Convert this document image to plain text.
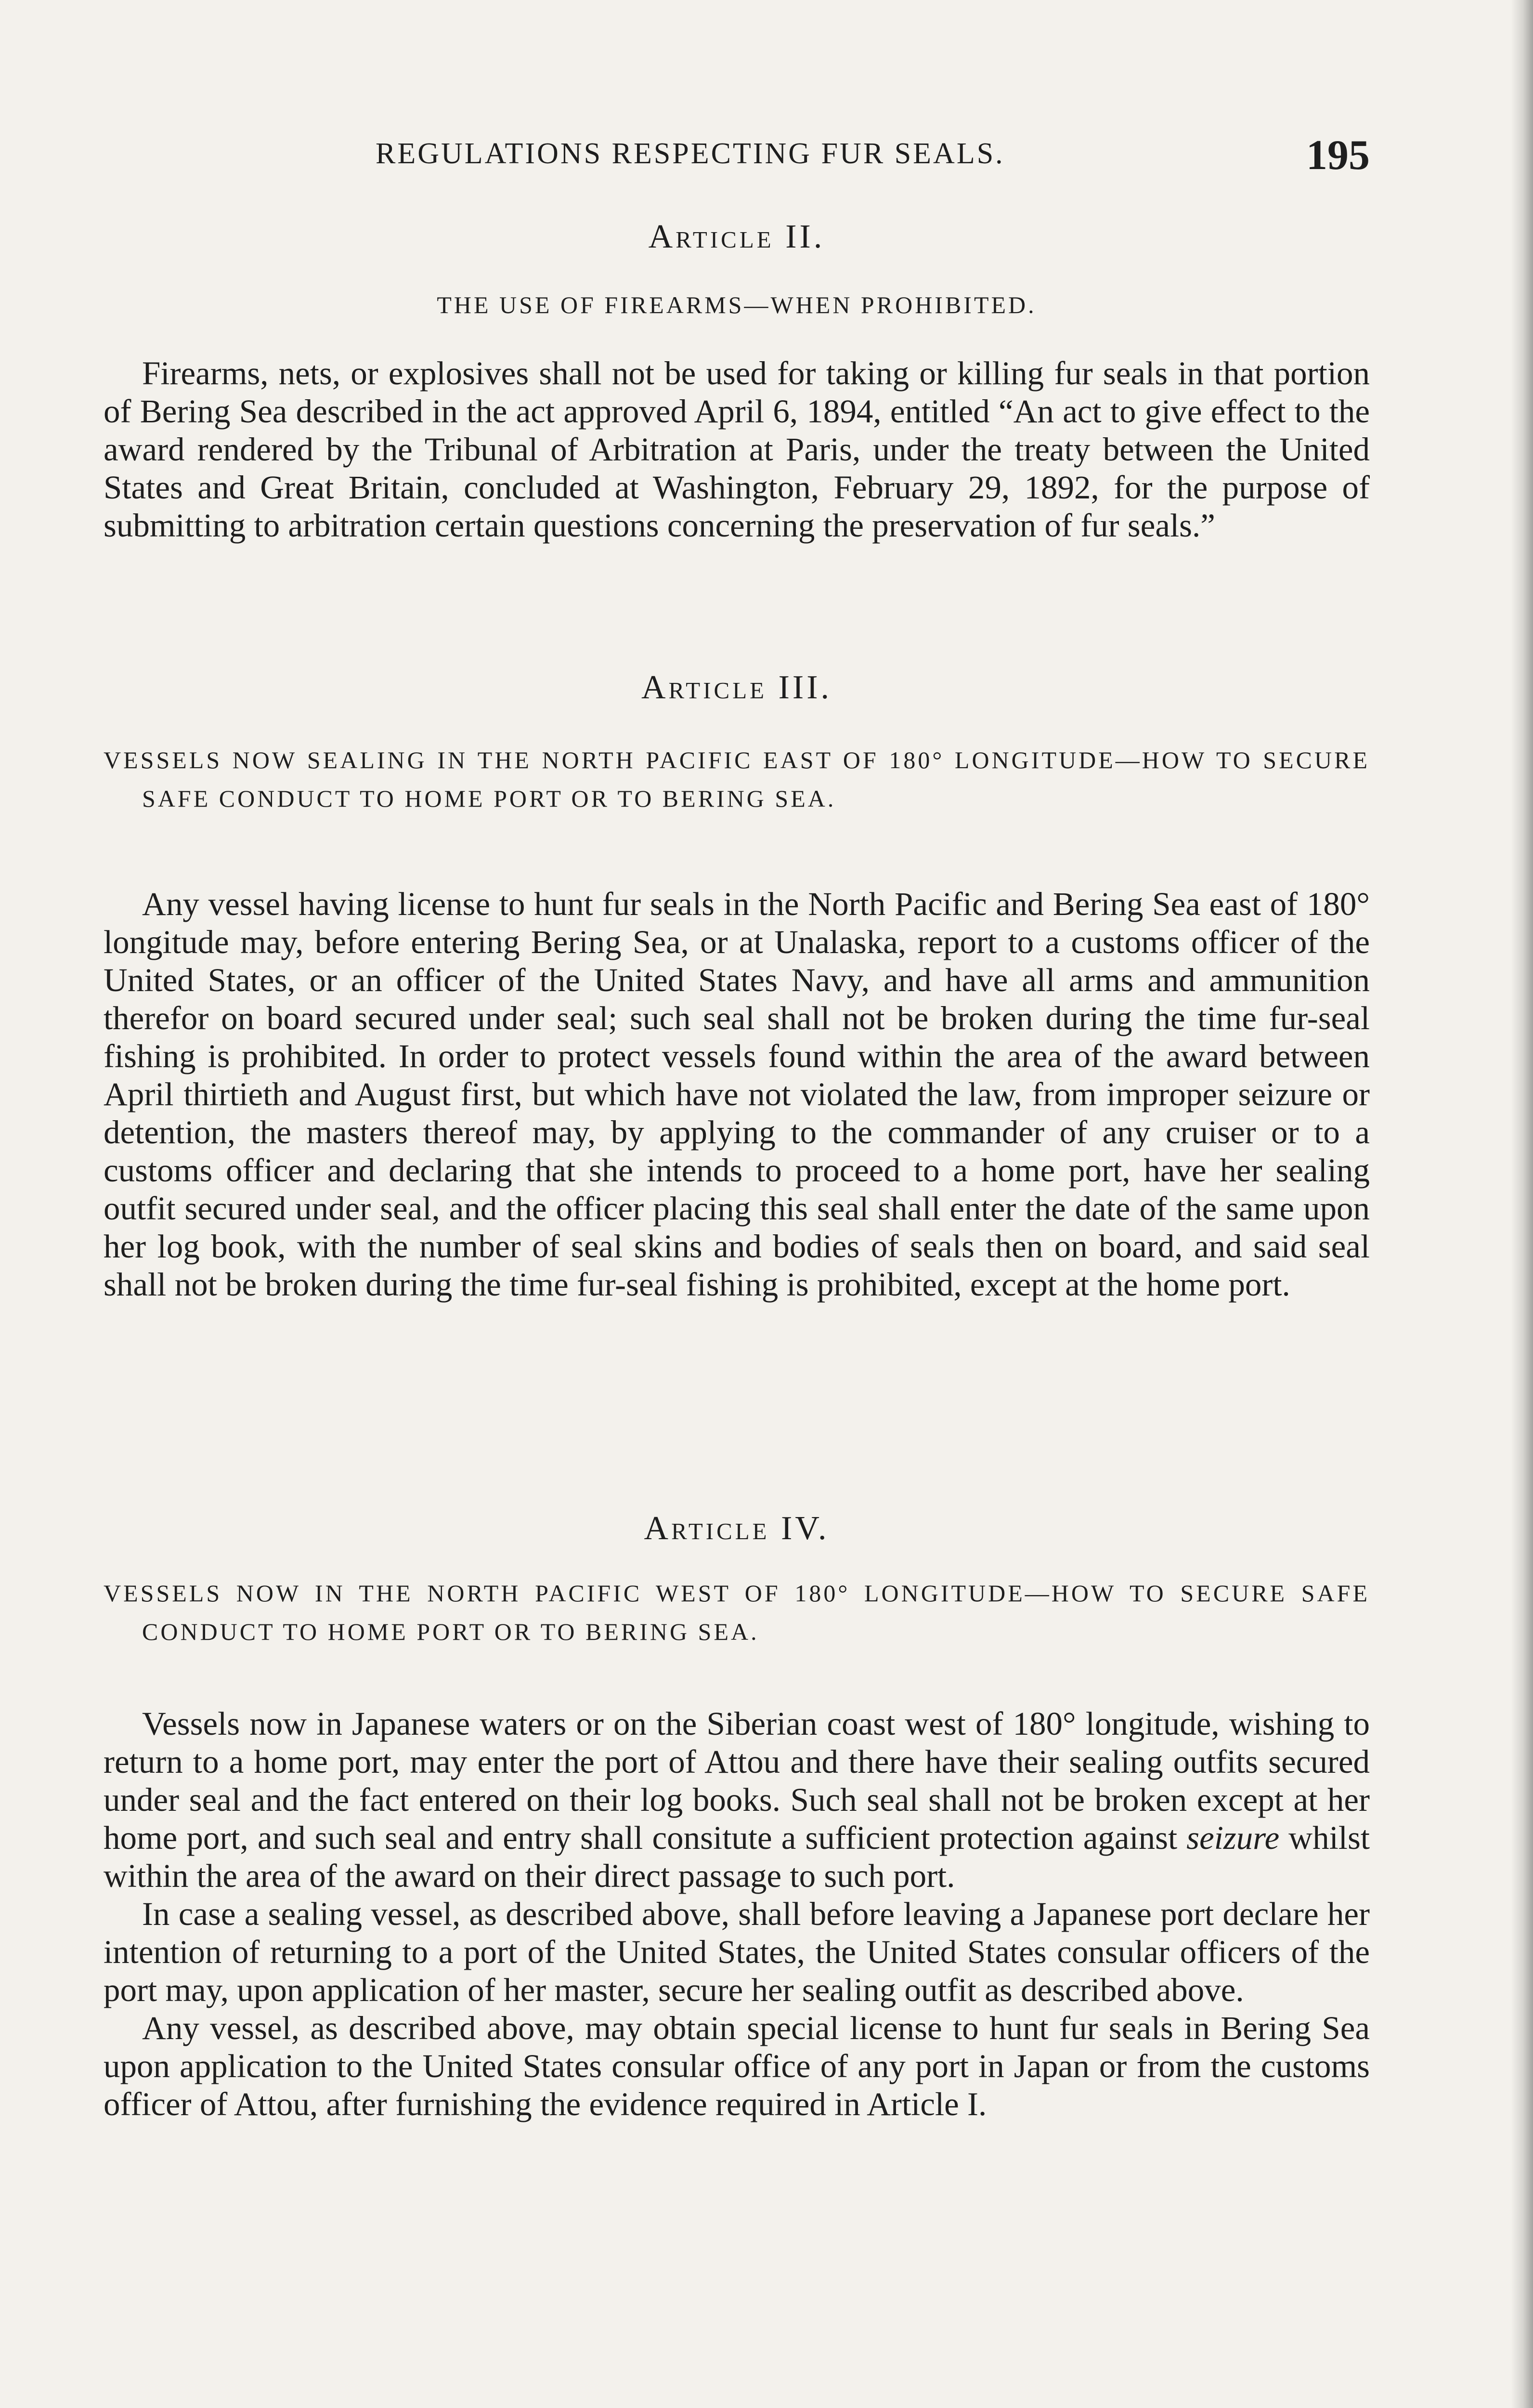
REGULATIONS RESPECTING FUR SEALS.	195
Article II.
THE USE OF FIREARMS—WHEN PROHIBITED.

Firearms, nets, or explosives shall not be used for taking or killing fur seals in that portion of Bering Sea described in the act approved April 6, 1894, entitled “An act to give effect to the award rendered by the Tribunal of Arbitration at Paris, under the treaty between the United States and Great Britain, concluded at Washington, February 29, 1892, for the purpose of submitting to arbitration certain questions concerning the preservation of fur seals.”

Article III.
VESSELS NOW SEALING IN THE NORTH PACIFIC EAST OF 180° LONGITUDE—HOW TO SECURE SAFE CONDUCT TO HOME PORT OR TO BERING SEA.

Any vessel having license to hunt fur seals in the North Pacific and Bering Sea east of 180° longitude may, before entering Bering Sea, or at Unalaska, report to a customs officer of the United States, or an officer of the United States Navy, and have all arms and ammunition therefor on board secured under seal; such seal shall not be broken during the time fur-seal fishing is prohibited. In order to protect vessels found within the area of the award between April thirtieth and August first, but which have not violated the law, from improper seizure or detention, the masters thereof may, by applying to the commander of any cruiser or to a customs officer and declaring that she intends to proceed to a home port, have her sealing outfit secured under seal, and the officer placing this seal shall enter the date of the same upon her log book, with the number of seal skins and bodies of seals then on board, and said seal shall not be broken during the time fur-seal fishing is prohibited, except at the home port.

Article IV.
VESSELS NOW IN THE NORTH PACIFIC WEST OF 180° LONGITUDE—HOW TO SECURE SAFE CONDUCT TO HOME PORT OR TO BERING SEA.

Vessels now in Japanese waters or on the Siberian coast west of 180° longitude, wishing to return to a home port, may enter the port of Attou and there have their sealing outfits secured under seal and the fact entered on their log books. Such seal shall not be broken except at her home port, and such seal and entry shall consitute a sufficient protection against seizure whilst within the area of the award on their direct passage to such port.

In case a sealing vessel, as described above, shall before leaving a Japanese port declare her intention of returning to a port of the United States, the United States consular officers of the port may, upon application of her master, secure her sealing outfit as described above.

Any vessel, as described above, may obtain special license to hunt fur seals in Bering Sea upon application to the United States consular office of any port in Japan or from the customs officer of Attou, after furnishing the evidence required in Article I.
